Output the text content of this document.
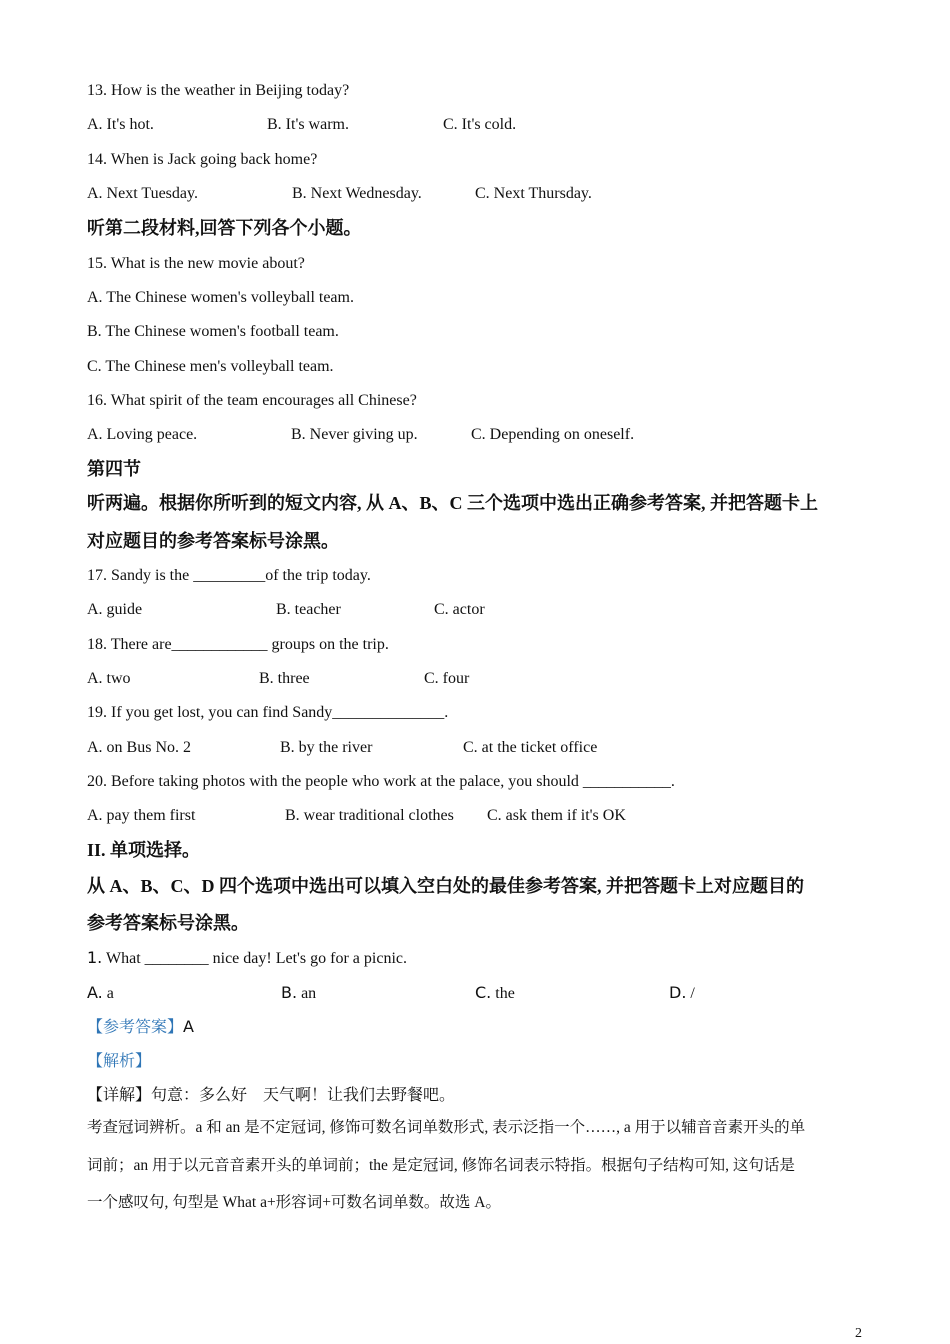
13. How is the weather in Beijing today?
A. It's hot.	B. It's warm.	C. It's cold.
14. When is Jack going back home?
A. Next Tuesday.	B. Next Wednesday.	C. Next Thursday.
听第二段材料,回答下列各个小题。
15. What is the new movie about?
A. The Chinese women's volleyball team.
B. The Chinese women's football team.
C. The Chinese men's volleyball team.
16. What spirit of the team encourages all Chinese?
A. Loving peace.	B. Never giving up.	C. Depending on oneself.
第四节
听两遍。根据你所听到的短文内容, 从 A、B、C 三个选项中选出正确参考答案, 并把答题卡上
对应题目的参考答案标号涂黑。
17. Sandy is the _________of the trip today.
A. guide	B. teacher	C. actor
18. There are____________ groups on the trip.
A. two	B. three	C. four
19. If you get lost, you can find Sandy______________.
A. on Bus No. 2	B. by the river	C. at the ticket office
20. Before taking photos with the people who work at the palace, you should ___________.
A. pay them first	B. wear traditional clothes C. ask them if it's OK
II. 单项选择。
从 A、B、C、D 四个选项中选出可以填入空白处的最佳参考答案, 并把答题卡上对应题目的
参考答案标号涂黑。
1. What ________ nice day! Let's go for a picnic.
A. a	B. an	C. the	D. /
【参考答案】A
【解析】
【详解】句意：多么好    天气啊！让我们去野餐吧。
考查冠词辨析。a 和 an 是不定冠词, 修饰可数名词单数形式, 表示泛指一个……, a 用于以辅音音素开头的单
词前；an 用于以元音音素开头的单词前；the 是定冠词, 修饰名词表示特指。根据句子结构可知, 这句话是
一个感叹句, 句型是 What a+形容词+可数名词单数。故选 A。
2
